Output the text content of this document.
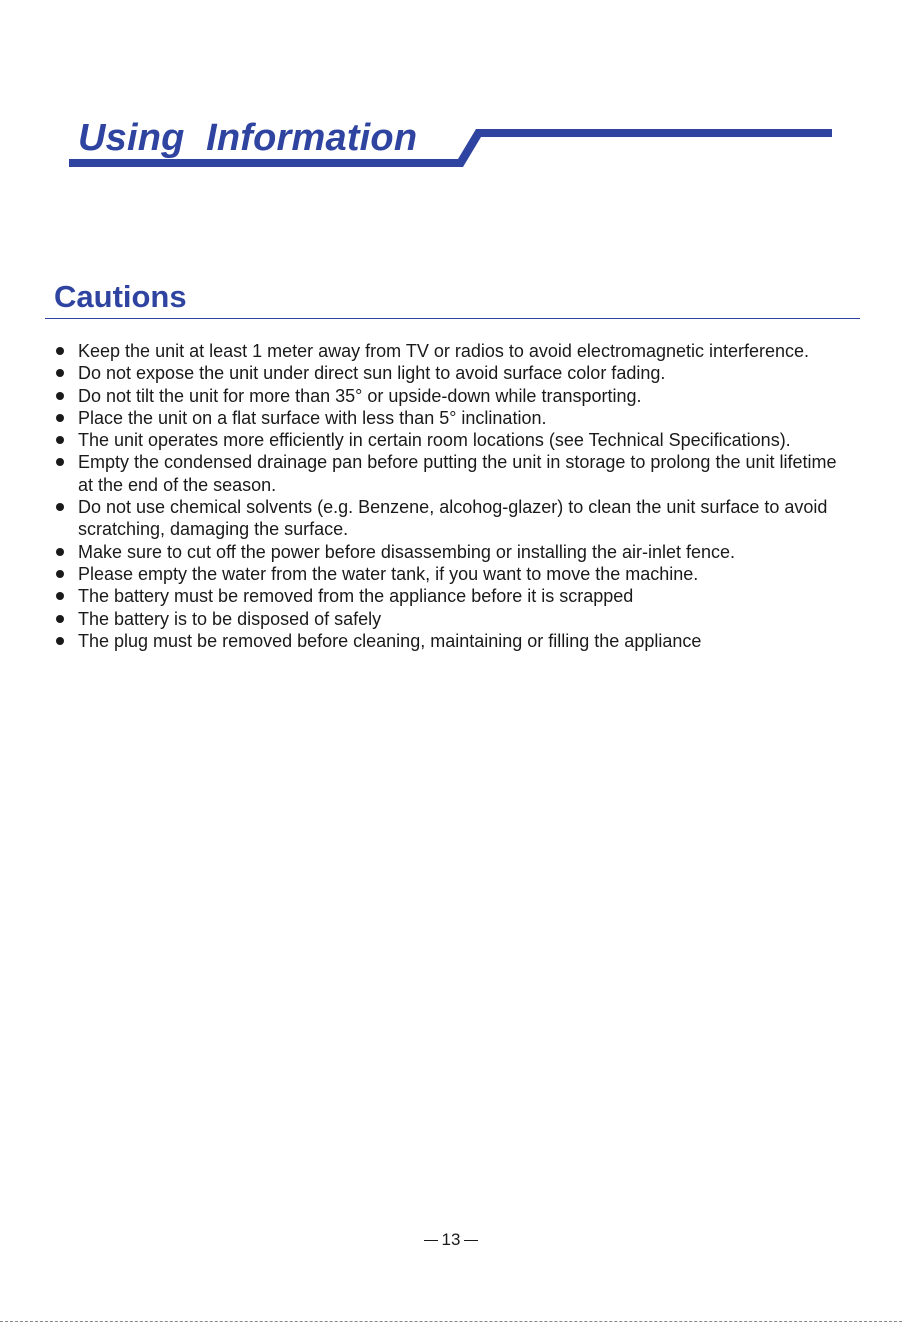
Using  Information
Cautions
Keep the unit at least 1 meter away from TV or radios to avoid electromagnetic interference.
Do not expose the unit under direct sun light to avoid surface color fading.
Do not tilt the unit for more than 35° or upside-down while transporting.
Place the unit on a flat surface with less than 5° inclination.
The unit operates more efficiently in certain room locations (see Technical Specifications).
Empty the condensed drainage pan before putting the unit in storage to prolong the unit lifetime at the end of the season.
Do not use chemical solvents (e.g. Benzene, alcohog-glazer) to clean the unit surface to avoid scratching, damaging the surface.
Make sure to cut off the power before disassembing or installing the air-inlet fence.
Please empty the water from the water tank, if you want to move the machine.
The battery must be removed from the appliance before it is scrapped
The battery is to be disposed of safely
The plug must be removed before cleaning, maintaining or filling the appliance
13
